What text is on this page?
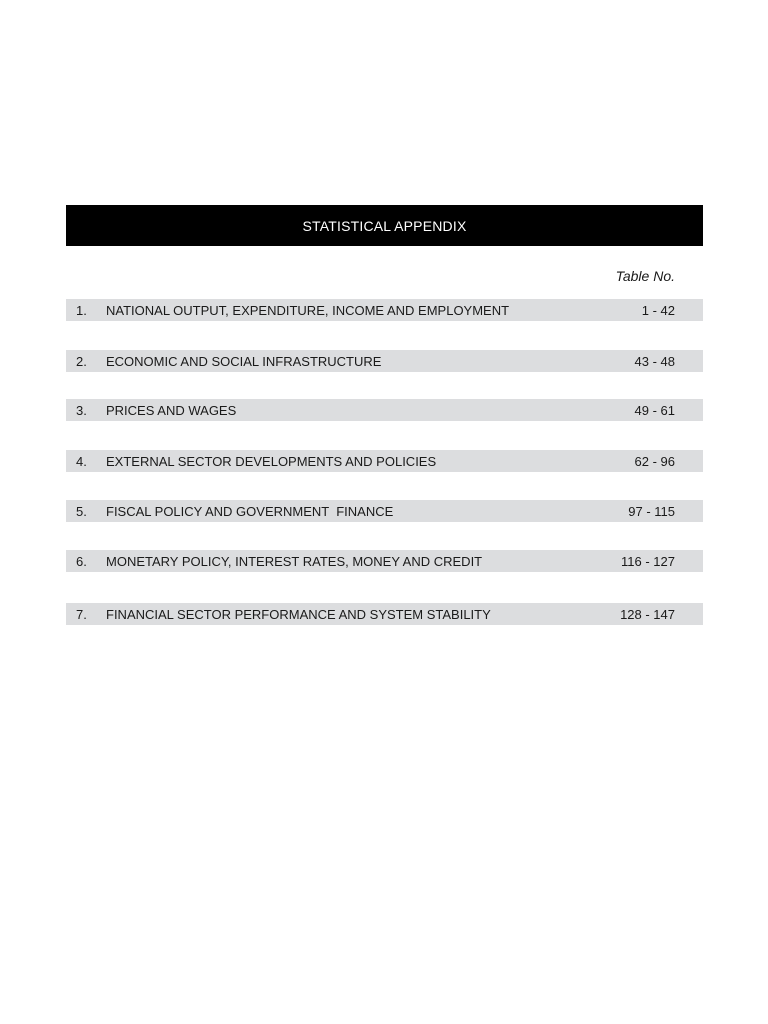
STATISTICAL APPENDIX
Table No.
1.	NATIONAL OUTPUT, EXPENDITURE, INCOME AND EMPLOYMENT	1 - 42
2.	ECONOMIC AND SOCIAL INFRASTRUCTURE	43 - 48
3.	PRICES AND WAGES	49 - 61
4.	EXTERNAL SECTOR DEVELOPMENTS AND POLICIES	62 - 96
5.	FISCAL POLICY AND GOVERNMENT  FINANCE	97 - 115
6.	MONETARY POLICY, INTEREST RATES, MONEY AND CREDIT	116 - 127
7.	FINANCIAL SECTOR PERFORMANCE AND SYSTEM STABILITY	128 - 147
